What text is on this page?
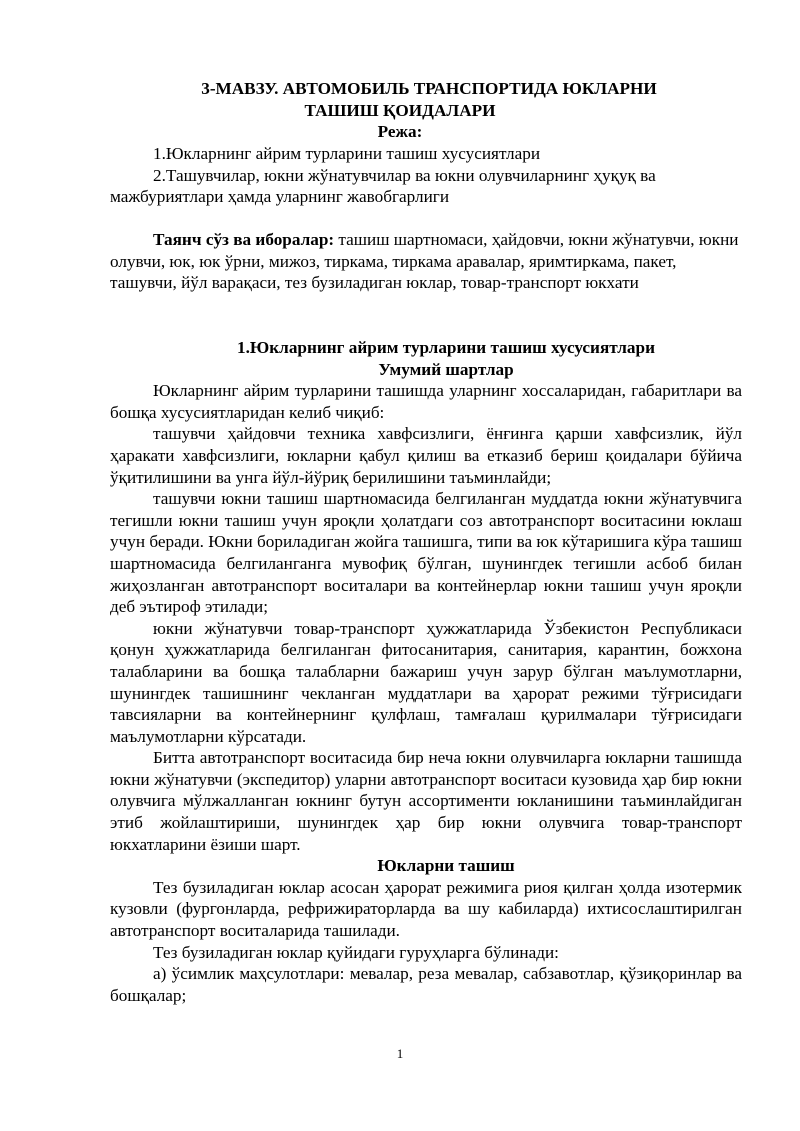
3-МАВЗУ. АВТОМОБИЛЬ ТРАНСПОРТИДА ЮКЛАРНИ
ТАШИШ ҚОИДАЛАРИ
Режа:

1.Юкларнинг айрим турларини ташиш хусусиятлари

2.Ташувчилар, юкни жўнатувчилар ва юкни олувчиларнинг ҳуқуқ ва мажбуриятлари ҳамда уларнинг жавобгарлиги

Таянч сўз ва иборалар: ташиш шартномаси, ҳайдовчи, юкни жўнатувчи, юкни олувчи, юк, юк ўрни, мижоз, тиркама, тиркама аравалар, яримтиркама, пакет, ташувчи, йўл варақаси, тез бузиладиган юклар, товар-транспорт юкхати

1.Юкларнинг айрим турларини ташиш хусусиятлари

Умумий шартлар

Юкларнинг айрим турларини ташишда уларнинг хоссаларидан, габаритлари ва бошқа хусусиятларидан келиб чиқиб:

ташувчи ҳайдовчи техника хавфсизлиги, ёнғинга қарши хавфсизлик, йўл ҳаракати хавфсизлиги, юкларни қабул қилиш ва етказиб бериш қоидалари бўйича ўқитилишини ва унга йўл-йўриқ берилишини таъминлайди;

ташувчи юкни ташиш шартномасида белгиланган муддатда юкни жўнатувчига тегишли юкни ташиш учун яроқли ҳолатдаги соз автотранспорт воситасини юклаш учун беради. Юкни бориладиган жойга ташишга, типи ва юк кўтаришига кўра ташиш шартномасида белгиланганга мувофиқ бўлган, шунингдек тегишли асбоб билан жиҳозланган автотранспорт воситалари ва контейнерлар юкни ташиш учун яроқли деб эътироф этилади;

юкни жўнатувчи товар-транспорт ҳужжатларида Ўзбекистон Республикаси қонун ҳужжатларида белгиланган фитосанитария, санитария, карантин, божхона талабларини ва бошқа талабларни бажариш учун зарур бўлган маълумотларни, шунингдек ташишнинг чекланган муддатлари ва ҳарорат режими тўғрисидаги тавсияларни ва контейнернинг қулфлаш, тамғалаш қурилмалари тўғрисидаги маълумотларни кўрсатади.

Битта автотранспорт воситасида бир неча юкни олувчиларга юкларни ташишда юкни жўнатувчи (экспедитор) уларни автотранспорт воситаси кузовида ҳар бир юкни олувчига мўлжалланган юкнинг бутун ассортименти юкланишини таъминлайдиган этиб жойлаштириши, шунингдек ҳар бир юкни олувчига товар-транспорт юкхатларини ёзиши шарт.

Юкларни ташиш

Тез бузиладиган юклар асосан ҳарорат режимига риоя қилган ҳолда изотермик кузовли (фургонларда, рефрижираторларда ва шу кабиларда) ихтисослаштирилган автотранспорт воситаларида ташилади.

Тез бузиладиган юклар қуйидаги гуруҳларга бўлинади:

а) ўсимлик маҳсулотлари: мевалар, реза мевалар, сабзавотлар, қўзиқоринлар ва бошқалар;

1
